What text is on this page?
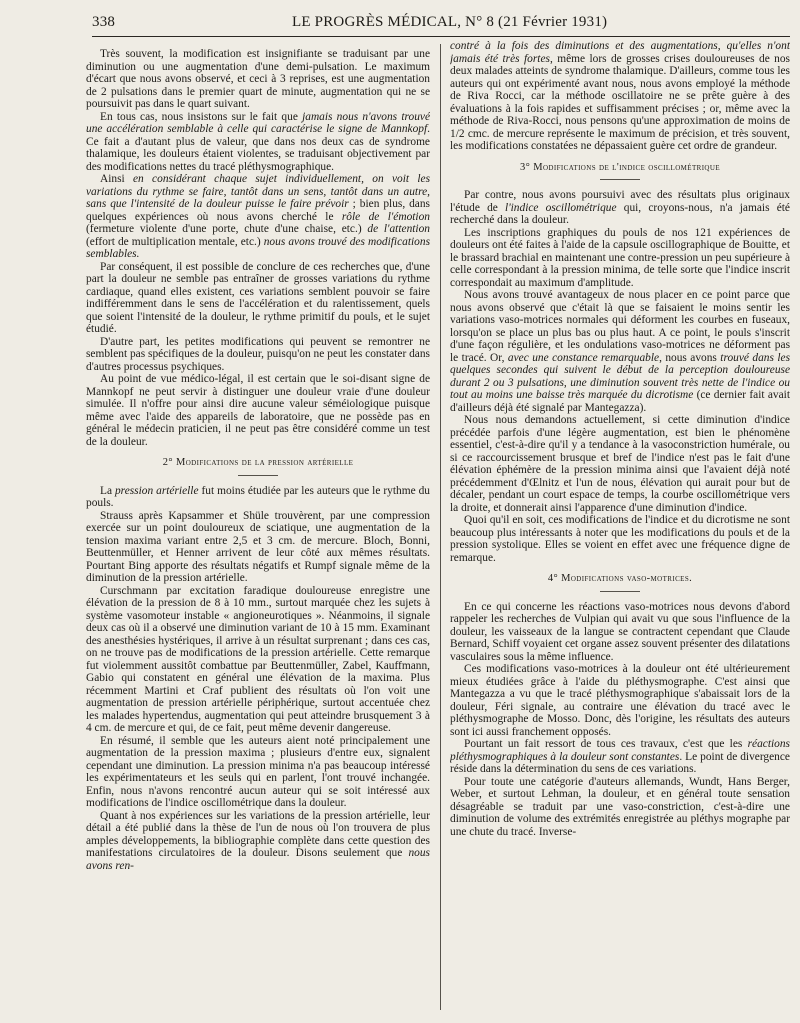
338	LE PROGRÈS MÉDICAL, N° 8 (21 Février 1931)

Très souvent, la modification est insignifiante se traduisant par une diminution ou une augmentation d'une demi-pulsation. Le maximum d'écart que nous avons observé, et ceci à 3 reprises, est une augmentation de 2 pulsations dans le premier quart de minute, augmentation qui ne se poursuivit pas dans le quart suivant.

En tous cas, nous insistons sur le fait que jamais nous n'avons trouvé une accélération semblable à celle qui caractérise le signe de Mannkopf. Ce fait a d'autant plus de valeur, que dans nos deux cas de syndrome thalamique, les douleurs étaient violentes, se traduisant objectivement par des modifications nettes du tracé pléthysmographique.

Ainsi en considérant chaque sujet individuellement, on voit les variations du rythme se faire, tantôt dans un sens, tantôt dans un autre, sans que l'intensité de la douleur puisse le faire prévoir ; bien plus, dans quelques expériences où nous avons cherché le rôle de l'émotion (fermeture violente d'une porte, chute d'une chaise, etc.) de l'attention (effort de multiplication mentale, etc.) nous avons trouvé des modifications semblables.

Par conséquent, il est possible de conclure de ces recherches que, d'une part la douleur ne semble pas entraîner de grosses variations du rythme cardiaque, quand elles existent, ces variations semblent pouvoir se faire indifféremment dans le sens de l'accélération et du ralentissement, quels que soient l'intensité de la douleur, le rythme primitif du pouls, et le sujet étudié.

D'autre part, les petites modifications qui peuvent se remontrer ne semblent pas spécifiques de la douleur, puisqu'on ne peut les constater dans d'autres processus psychiques.

Au point de vue médico-légal, il est certain que le soi-disant signe de Mannkopf ne peut servir à distinguer une douleur vraie d'une douleur simulée. Il n'offre pour ainsi dire aucune valeur séméiologique puisque même avec l'aide des appareils de laboratoire, que ne possède pas en général le médecin praticien, il ne peut pas être considéré comme un test de la douleur.

2° Modifications de la pression artérielle

La pression artérielle fut moins étudiée par les auteurs que le rythme du pouls.

Strauss après Kapsammer et Shüle trouvèrent, par une compression exercée sur un point douloureux de sciatique, une augmentation de la tension maxima variant entre 2,5 et 3 cm. de mercure. Bloch, Bonni, Beuttenmüller, et Henner arrivent de leur côté aux mêmes résultats. Pourtant Bing apporte des résultats négatifs et Rumpf signale même de la diminution de la pression artérielle.

Curschmann par excitation faradique douloureuse enregistre une élévation de la pression de 8 à 10 mm., surtout marquée chez les sujets à système vasomoteur instable « angioneurotiques ». Néanmoins, il signale deux cas où il a observé une diminution variant de 10 à 15 mm. Examinant des anesthésies hystériques, il arrive à un résultat surprenant ; dans ces cas, on ne trouve pas de modifications de la pression artérielle. Cette remarque fut violemment aussitôt combattue par Beuttenmüller, Zabel, Kauffmann, Gabio qui constatent en général une élévation de la maxima. Plus récemment Martini et Craf publient des résultats où l'on voit une augmentation de pression artérielle périphérique, surtout accentuée chez les malades hypertendus, augmentation qui peut atteindre brusquement 3 à 4 cm. de mercure et qui, de ce fait, peut même devenir dangereuse.

En résumé, il semble que les auteurs aient noté principalement une augmentation de la pression maxima ; plusieurs d'entre eux, signalent cependant une diminution. La pression minima n'a pas beaucoup intéressé les expérimentateurs et les seuls qui en parlent, l'ont trouvé inchangée. Enfin, nous n'avons rencontré aucun auteur qui se soit intéressé aux modifications de l'indice oscillométrique dans la douleur.

Quant à nos expériences sur les variations de la pression artérielle, leur détail a été publié dans la thèse de l'un de nous où l'on trouvera de plus amples développements, la bibliographie complète dans cette question des manifestations circulatoires de la douleur. Disons seulement que nous avons ren-

contré à la fois des diminutions et des augmentations, qu'elles n'ont jamais été très fortes, même lors de grosses crises douloureuses de nos deux malades atteints de syndrome thalamique. D'ailleurs, comme tous les auteurs qui ont expérimenté avant nous, nous avons employé la méthode de Riva Rocci, car la méthode oscillatoire ne se prête guère à des évaluations à la fois rapides et suffisamment précises ; or, même avec la méthode de Riva-Rocci, nous pensons qu'une approximation de moins de 1/2 cmc. de mercure représente le maximum de précision, et très souvent, les modifications constatées ne dépassaient guère cet ordre de grandeur.

3° Modifications de l'indice oscillométrique

Par contre, nous avons poursuivi avec des résultats plus originaux l'étude de l'indice oscillométrique qui, croyons-nous, n'a jamais été recherché dans la douleur.

Les inscriptions graphiques du pouls de nos 121 expériences de douleurs ont été faites à l'aide de la capsule oscillographique de Bouitte, et le brassard brachial en maintenant une contre-pression un peu supérieure à celle correspondant à la pression minima, de telle sorte que l'indice inscrit correspondait au maximum d'amplitude.

Nous avons trouvé avantageux de nous placer en ce point parce que nous avons observé que c'était là que se faisaient le moins sentir les variations vaso-motrices normales qui déforment les courbes en fuseaux, lorsqu'on se place un plus bas ou plus haut. A ce point, le pouls s'inscrit d'une façon régulière, et les ondulations vaso-motrices ne déforment pas le tracé. Or, avec une constance remarquable, nous avons trouvé dans les quelques secondes qui suivent le début de la perception douloureuse durant 2 ou 3 pulsations, une diminution souvent très nette de l'indice ou tout au moins une baisse très marquée du dicrotisme (ce dernier fait avait d'ailleurs déjà été signalé par Mantegazza).

Nous nous demandons actuellement, si cette diminution d'indice précédée parfois d'une légère augmentation, est bien le phénomène essentiel, c'est-à-dire qu'il y a tendance à la vasoconstriction humérale, ou si ce raccourcissement brusque et bref de l'indice n'est pas le fait d'une élévation éphémère de la pression minima ainsi que l'avaient déjà noté précédemment d'Œlnitz et l'un de nous, élévation qui aurait pour but de décaler, pendant un court espace de temps, la courbe oscillométrique vers la droite, et donnerait ainsi l'apparence d'une diminution d'indice.

Quoi qu'il en soit, ces modifications de l'indice et du dicrotisme ne sont beaucoup plus intéressants à noter que les modifications du pouls et de la pression systolique. Elles se voient en effet avec une fréquence digne de remarque.

4° Modifications vaso-motrices.

En ce qui concerne les réactions vaso-motrices nous devons d'abord rappeler les recherches de Vulpian qui avait vu que sous l'influence de la douleur, les vaisseaux de la langue se contractent cependant que Claude Bernard, Schiff voyaient cet organe assez souvent présenter des dilatations vasculaires sous la même influence.

Ces modifications vaso-motrices à la douleur ont été ultérieurement mieux étudiées grâce à l'aide du pléthysmographe. C'est ainsi que Mantegazza a vu que le tracé pléthysmographique s'abaissait lors de la douleur, Féri signale, au contraire une élévation du tracé avec le pléthysmographe de Mosso. Donc, dès l'origine, les résultats des auteurs sont ici aussi franchement opposés.

Pourtant un fait ressort de tous ces travaux, c'est que les réactions pléthysmographiques à la douleur sont constantes. Le point de divergence réside dans la détermination du sens de ces variations.

Pour toute une catégorie d'auteurs allemands, Wundt, Hans Berger, Weber, et surtout Lehman, la douleur, et en général toute sensation désagréable se traduit par une vaso-constriction, c'est-à-dire une diminution de volume des extrémités enregistrée au pléthys mographe par une chute du tracé. Inverse-
